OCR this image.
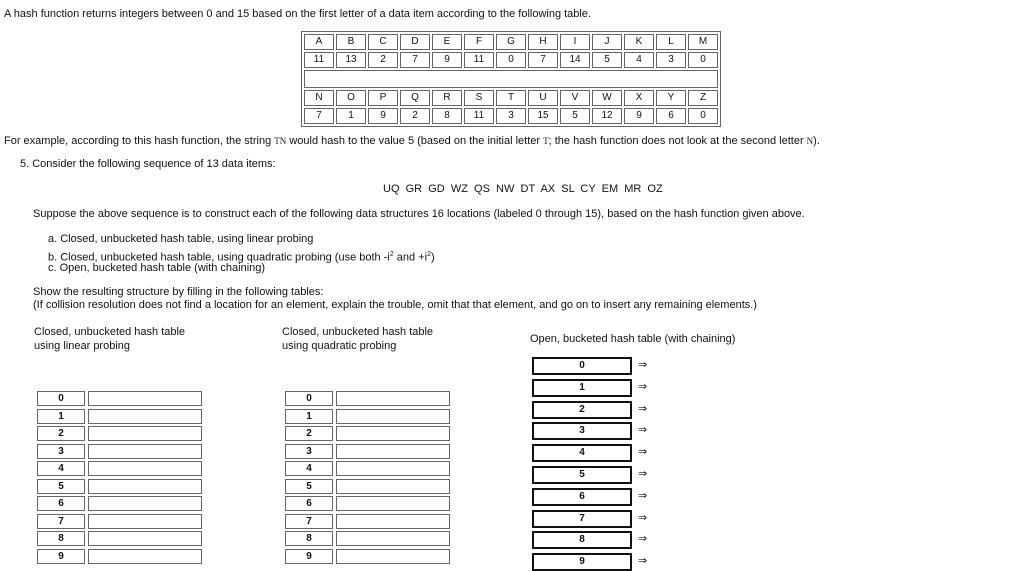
A hash function returns integers between 0 and 15 based on the first letter of a data item according to the following table.
A	B	C	D	E	F	G	H	I	J	K	L	M
11	13	2	7	9	11	0	7	14	5	4	3	0

N	O	P	Q	R	S	T	U	V	W	X	Y	Z
7	1	9	2	8	11	3	15	5	12	9	6	0
For example, according to this hash function, the string TN would hash to the value 5 (based on the initial letter T; the hash function does not look at the second letter N).
5. Consider the following sequence of 13 data items:
UQ  GR  GD  WZ  QS  NW  DT  AX  SL  CY  EM  MR  OZ
Suppose the above sequence is to construct each of the following data structures 16 locations (labeled 0 through 15), based on the hash function given above.
a. Closed, unbucketed hash table, using linear probing
b. Closed, unbucketed hash table, using quadratic probing (use both $-i^2$ and $+i^2$)
c. Open, bucketed hash table (with chaining)
Show the resulting structure by filling in the following tables:
(If collision resolution does not find a location for an element, explain the trouble, omit that that element, and go on to insert any remaining elements.)
Closed, unbucketed hash table
using linear probing
Closed, unbucketed hash table
using quadratic probing
Open, bucketed hash table (with chaining)
0	0
1	1
2	2
3	3
4	4
5	5
6	6
7	7
8	8
9	9
0	⇒
1	⇒
2	⇒
3	⇒
4	⇒
5	⇒
6	⇒
7	⇒
8	⇒
9	⇒
